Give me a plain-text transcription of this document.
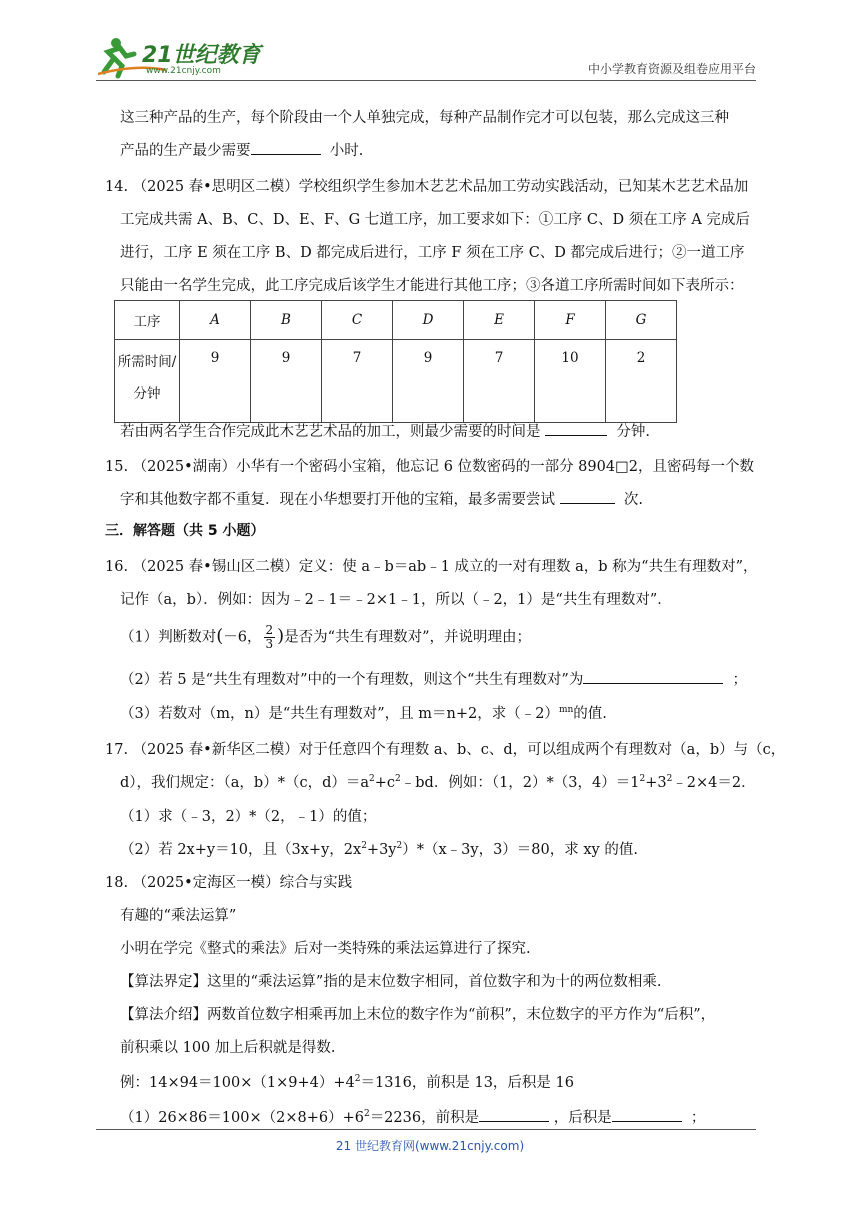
21世纪教育
www.21cnjy.com	中小学教育资源及组卷应用平台
这三种产品的生产，每个阶段由一个人单独完成，每种产品制作完才可以包装，那么完成这三种
产品的生产最少需要	小时.
14. （2025 春•思明区二模）学校组织学生参加木艺艺术品加工劳动实践活动，已知某木艺艺术品加
工完成共需 A、B、C、D、E、F、G 七道工序，加工要求如下：①工序 C、D 须在工序 A 完成后
进行，工序 E 须在工序 B、D 都完成后进行，工序 F 须在工序 C、D 都完成后进行；②一道工序
只能由一名学生完成，此工序完成后该学生才能进行其他工序；③各道工序所需时间如下表所示：
工序	A	B	C	D	E	F	G

所需时间/
分钟	9	9	7	9	7	10	2
若由两名学生合作完成此木艺艺术品的加工，则最少需要的时间是	分钟.
15. （2025•湖南）小华有一个密码小宝箱，他忘记 6 位数密码的一部分 8904□2，且密码每一个数
字和其他数字都不重复．现在小华想要打开他的宝箱，最多需要尝试	次.
三．解答题（共 5 小题）
16. （2025 春•锡山区二模）定义：使 a﹣b＝ab﹣1 成立的一对有理数 a，b 称为“共生有理数对”，
记作（a，b）．例如：因为﹣2﹣1＝﹣2×1﹣1，所以（﹣2，1）是“共生有理数对”．
（1）判断数对(－6， $\frac{2}{3}$ )是否为“共生有理数对”，并说明理由；
（2）若 5 是“共生有理数对”中的一个有理数，则这个“共生有理数对”为	；
（3）若数对（m，n）是“共生有理数对”，且 m＝n+2，求（﹣2）$^{mn}$的值.
17. （2025 春•新华区二模）对于任意四个有理数 a、b、c、d，可以组成两个有理数对（a，b）与（c，
d），我们规定：（a，b）*（c，$d)=a^2+c^2﹣bd$．例如：（1，2）*（3，$4)=1^2+3^2﹣2\times 4=2$．
（1）求（﹣3，2）*（2，﹣1）的值；
（2）若 2x+y＝10，且（3x+y，$2x^2+3y^2)*(x﹣3y$，3）＝80，求 xy 的值.
18. （2025•定海区一模）综合与实践
有趣的“乘法运算”
小明在学完《整式的乘法》后对一类特殊的乘法运算进行了探究.
【算法界定】这里的“乘法运算”指的是末位数字相同，首位数字和为十的两位数相乘.
【算法介绍】两数首位数字相乘再加上末位的数字作为“前积”，末位数字的平方作为“后积”，
前积乘以 100 加上后积就是得数.
例：$14\times 94=100\times(1\times 9+4)+4^2=1316$，前积是 13，后积是 16
$(1)26\times 86=100\times(2\times 8+6)+6^2=2236$，前积是	，后积是	；
21 世纪教育网(www.21cnjy.com)
